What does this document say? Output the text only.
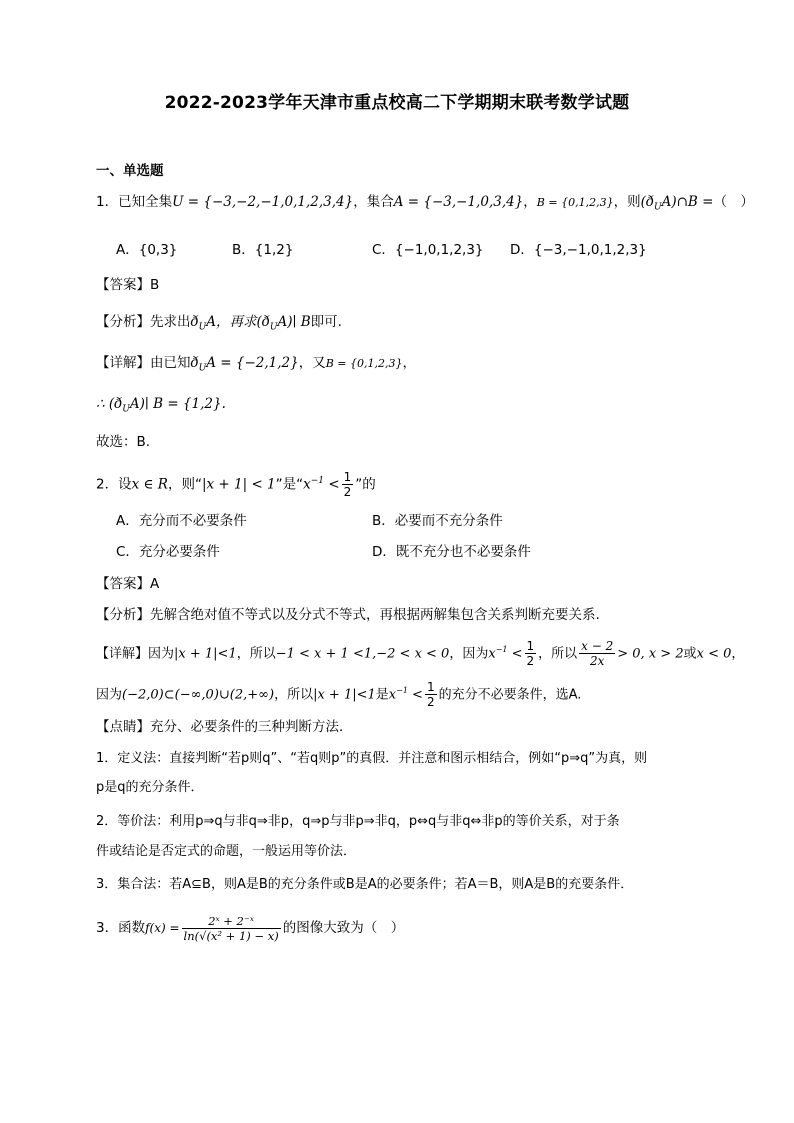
2022-2023学年天津市重点校高二下学期期末联考数学试题
一、单选题
1．已知全集U = {−3,−2,−1,0,1,2,3,4}，集合A = {−3,−1,0,3,4}，B = {0,1,2,3}，则$(ð_UA)\cap B$ =（　）
A．{0,3}	B．{1,2}	C．{−1,0,1,2,3} D．{−3,−1,0,1,2,3}
【答案】B
【分析】先求出$ð_UA$，再求$(ð_UA)∣$ B即可.
【详解】由已知$ð_UA = \{-2,1,2\}$，又B = {0,1,2,3}，
∴ $(ð_UA)∣$ B = {1,2}.
故选：B.
2．设x ∈ R，则“|x + 1| < 1”是“$x^{-1} < \frac{1}{2}$ ”的
A．充分而不必要条件	B．必要而不充分条件
C．充分必要条件	D．既不充分也不必要条件
【答案】A
【分析】先解含绝对值不等式以及分式不等式，再根据两解集包含关系判断充要关系.
【详解】因为|x + 1|<1，所以−1 < x + 1 <1,−2 < x < 0，因为$x^{-1} < \frac{1}{2}$ ，所以 $\frac{x - 2}{2x} > 0$, x > 2或x < 0，
因为(−2,0)⊂(−∞,0)∪(2,+∞)，所以|x + 1|<1是$x^{-1} < \frac{1}{2}$ 的充分不必要条件，选A.
【点睛】充分、必要条件的三种判断方法．
1．定义法：直接判断“若p则q”、“若q则p”的真假．并注意和图示相结合，例如“p⇒q”为真，则
p是q的充分条件．
2．等价法：利用p⇒q与非q⇒非p，q⇒p与非p⇒非q，p⇔q与非q⇔非p的等价关系，对于条
件或结论是否定式的命题，一般运用等价法．
3．集合法：若A⊆B，则A是B的充分条件或B是A的必要条件；若A＝B，则A是B的充要条件．
3．函数$f(x) = \frac{\text{2ˣ + 2⁻ˣ}}{\text{ln(√(x² + 1) − x)}}$ 的图像大致为（　）
